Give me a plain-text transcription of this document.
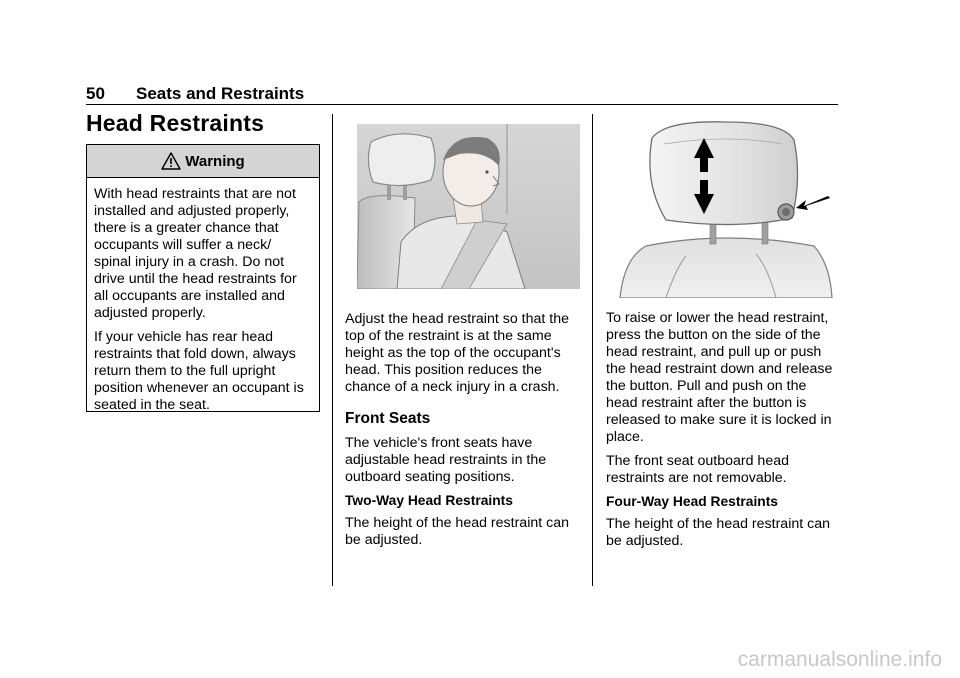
50 Seats and Restraints
Head Restraints
Warning

With head restraints that are not installed and adjusted properly, there is a greater chance that occupants will suffer a neck/ spinal injury in a crash. Do not drive until the head restraints for all occupants are installed and adjusted properly.

If your vehicle has rear head restraints that fold down, always return them to the full upright position whenever an occupant is seated in the seat.

Adjust the head restraint so that the top of the restraint is at the same height as the top of the occupant's head. This position reduces the chance of a neck injury in a crash.

Front Seats

The vehicle's front seats have adjustable head restraints in the outboard seating positions.

Two-Way Head Restraints

The height of the head restraint can be adjusted.

To raise or lower the head restraint, press the button on the side of the head restraint, and pull up or push the head restraint down and release the button. Pull and push on the head restraint after the button is released to make sure it is locked in place.

The front seat outboard head restraints are not removable.

Four-Way Head Restraints

The height of the head restraint can be adjusted.

carmanualsonline.info
